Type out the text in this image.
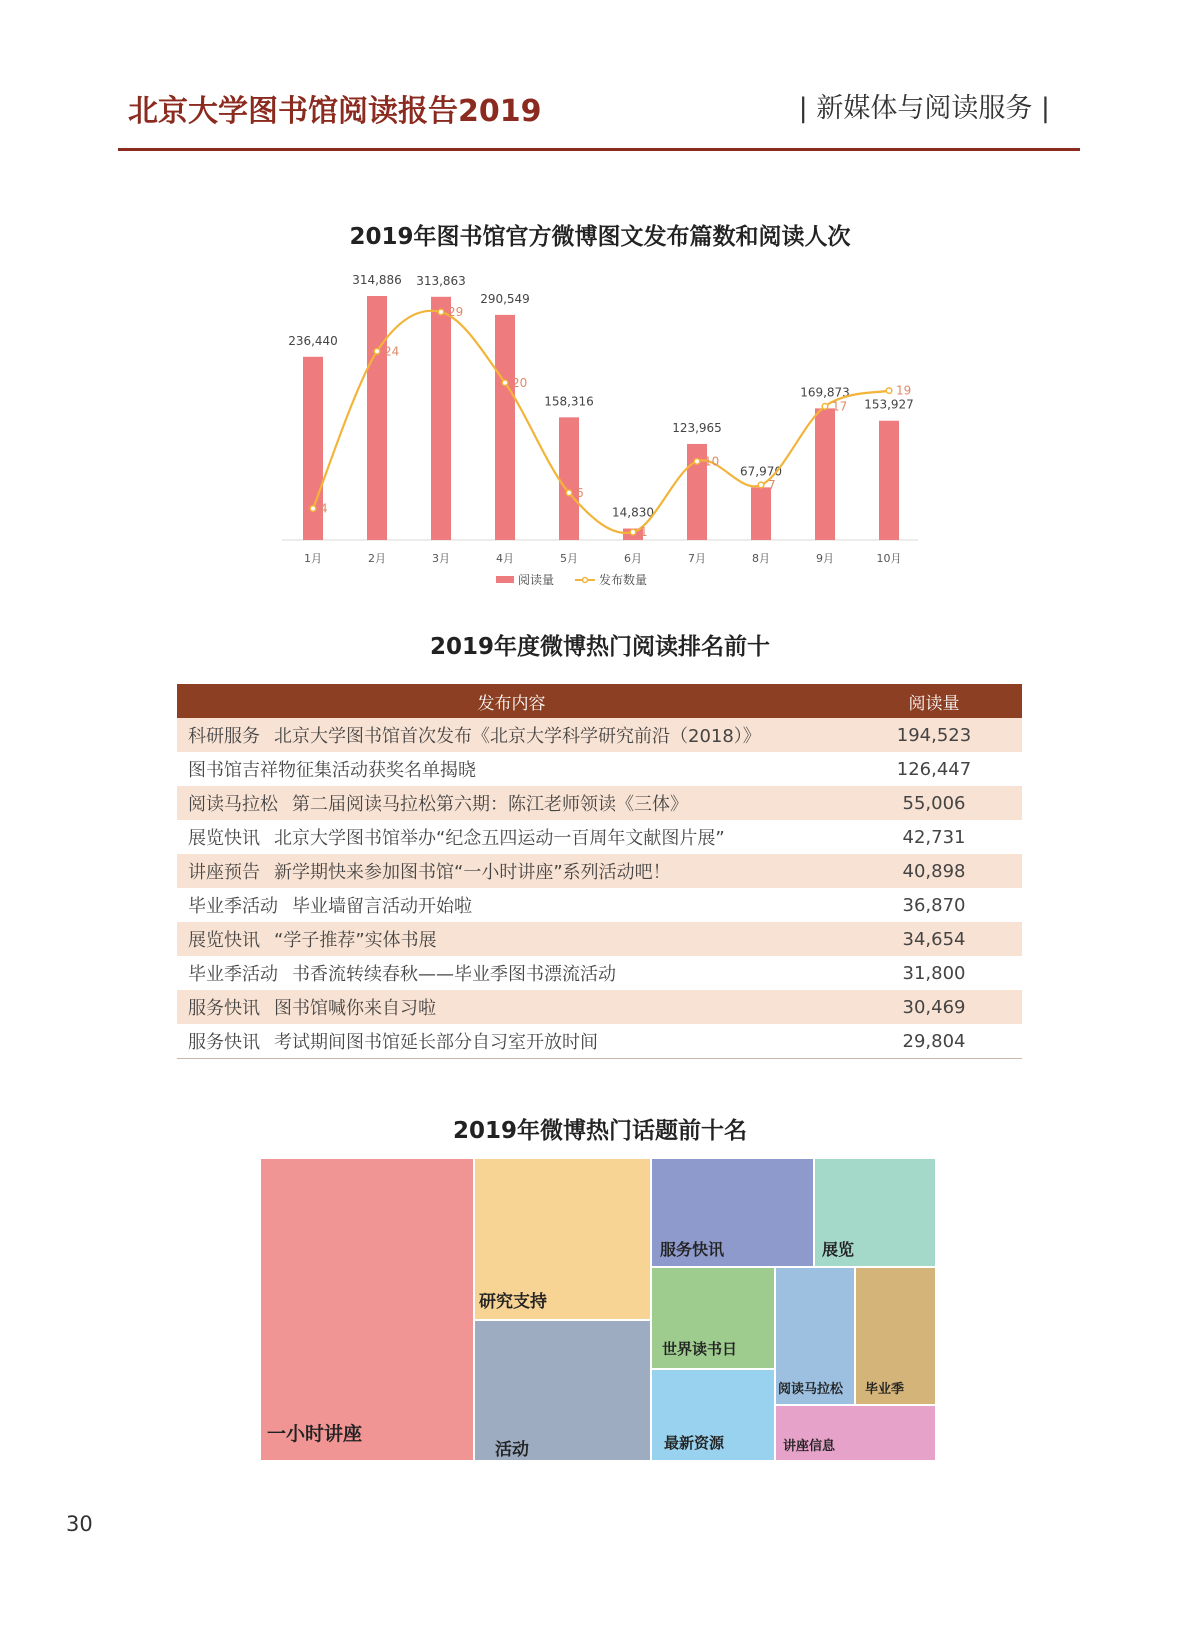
北京大学图书馆阅读报告2019	| 新媒体与阅读服务 |
2019年图书馆官方微博图文发布篇数和阅读人次
236,440
1月
314,886
2月
313,863
3月
290,549
4月
158,316
5月
14,830
6月
123,965
7月
67,970
8月
169,873
9月
153,927
10月
4
24
29
20
6
1
10
7
17
19
阅读量	发布数量
2019年度微博热门阅读排名前十
发布内容	阅读量
科研服务 北京大学图书馆首次发布《北京大学科学研究前沿（2018）》	194,523
图书馆吉祥物征集活动获奖名单揭晓	126,447
阅读马拉松 第二届阅读马拉松第六期：陈江老师领读《三体》	55,006
展览快讯 北京大学图书馆举办“纪念五四运动一百周年文献图片展”	42,731
讲座预告 新学期快来参加图书馆“一小时讲座”系列活动吧！	40,898
毕业季活动 毕业墙留言活动开始啦	36,870
展览快讯 “学子推荐”实体书展	34,654
毕业季活动 书香流转续春秋——毕业季图书漂流活动	31,800
服务快讯 图书馆喊你来自习啦	30,469
服务快讯 考试期间图书馆延长部分自习室开放时间	29,804
2019年微博热门话题前十名
一小时讲座
研究支持
活动
服务快讯	展览
世界读书日
最新资源
阅读马拉松 毕业季
讲座信息
30
